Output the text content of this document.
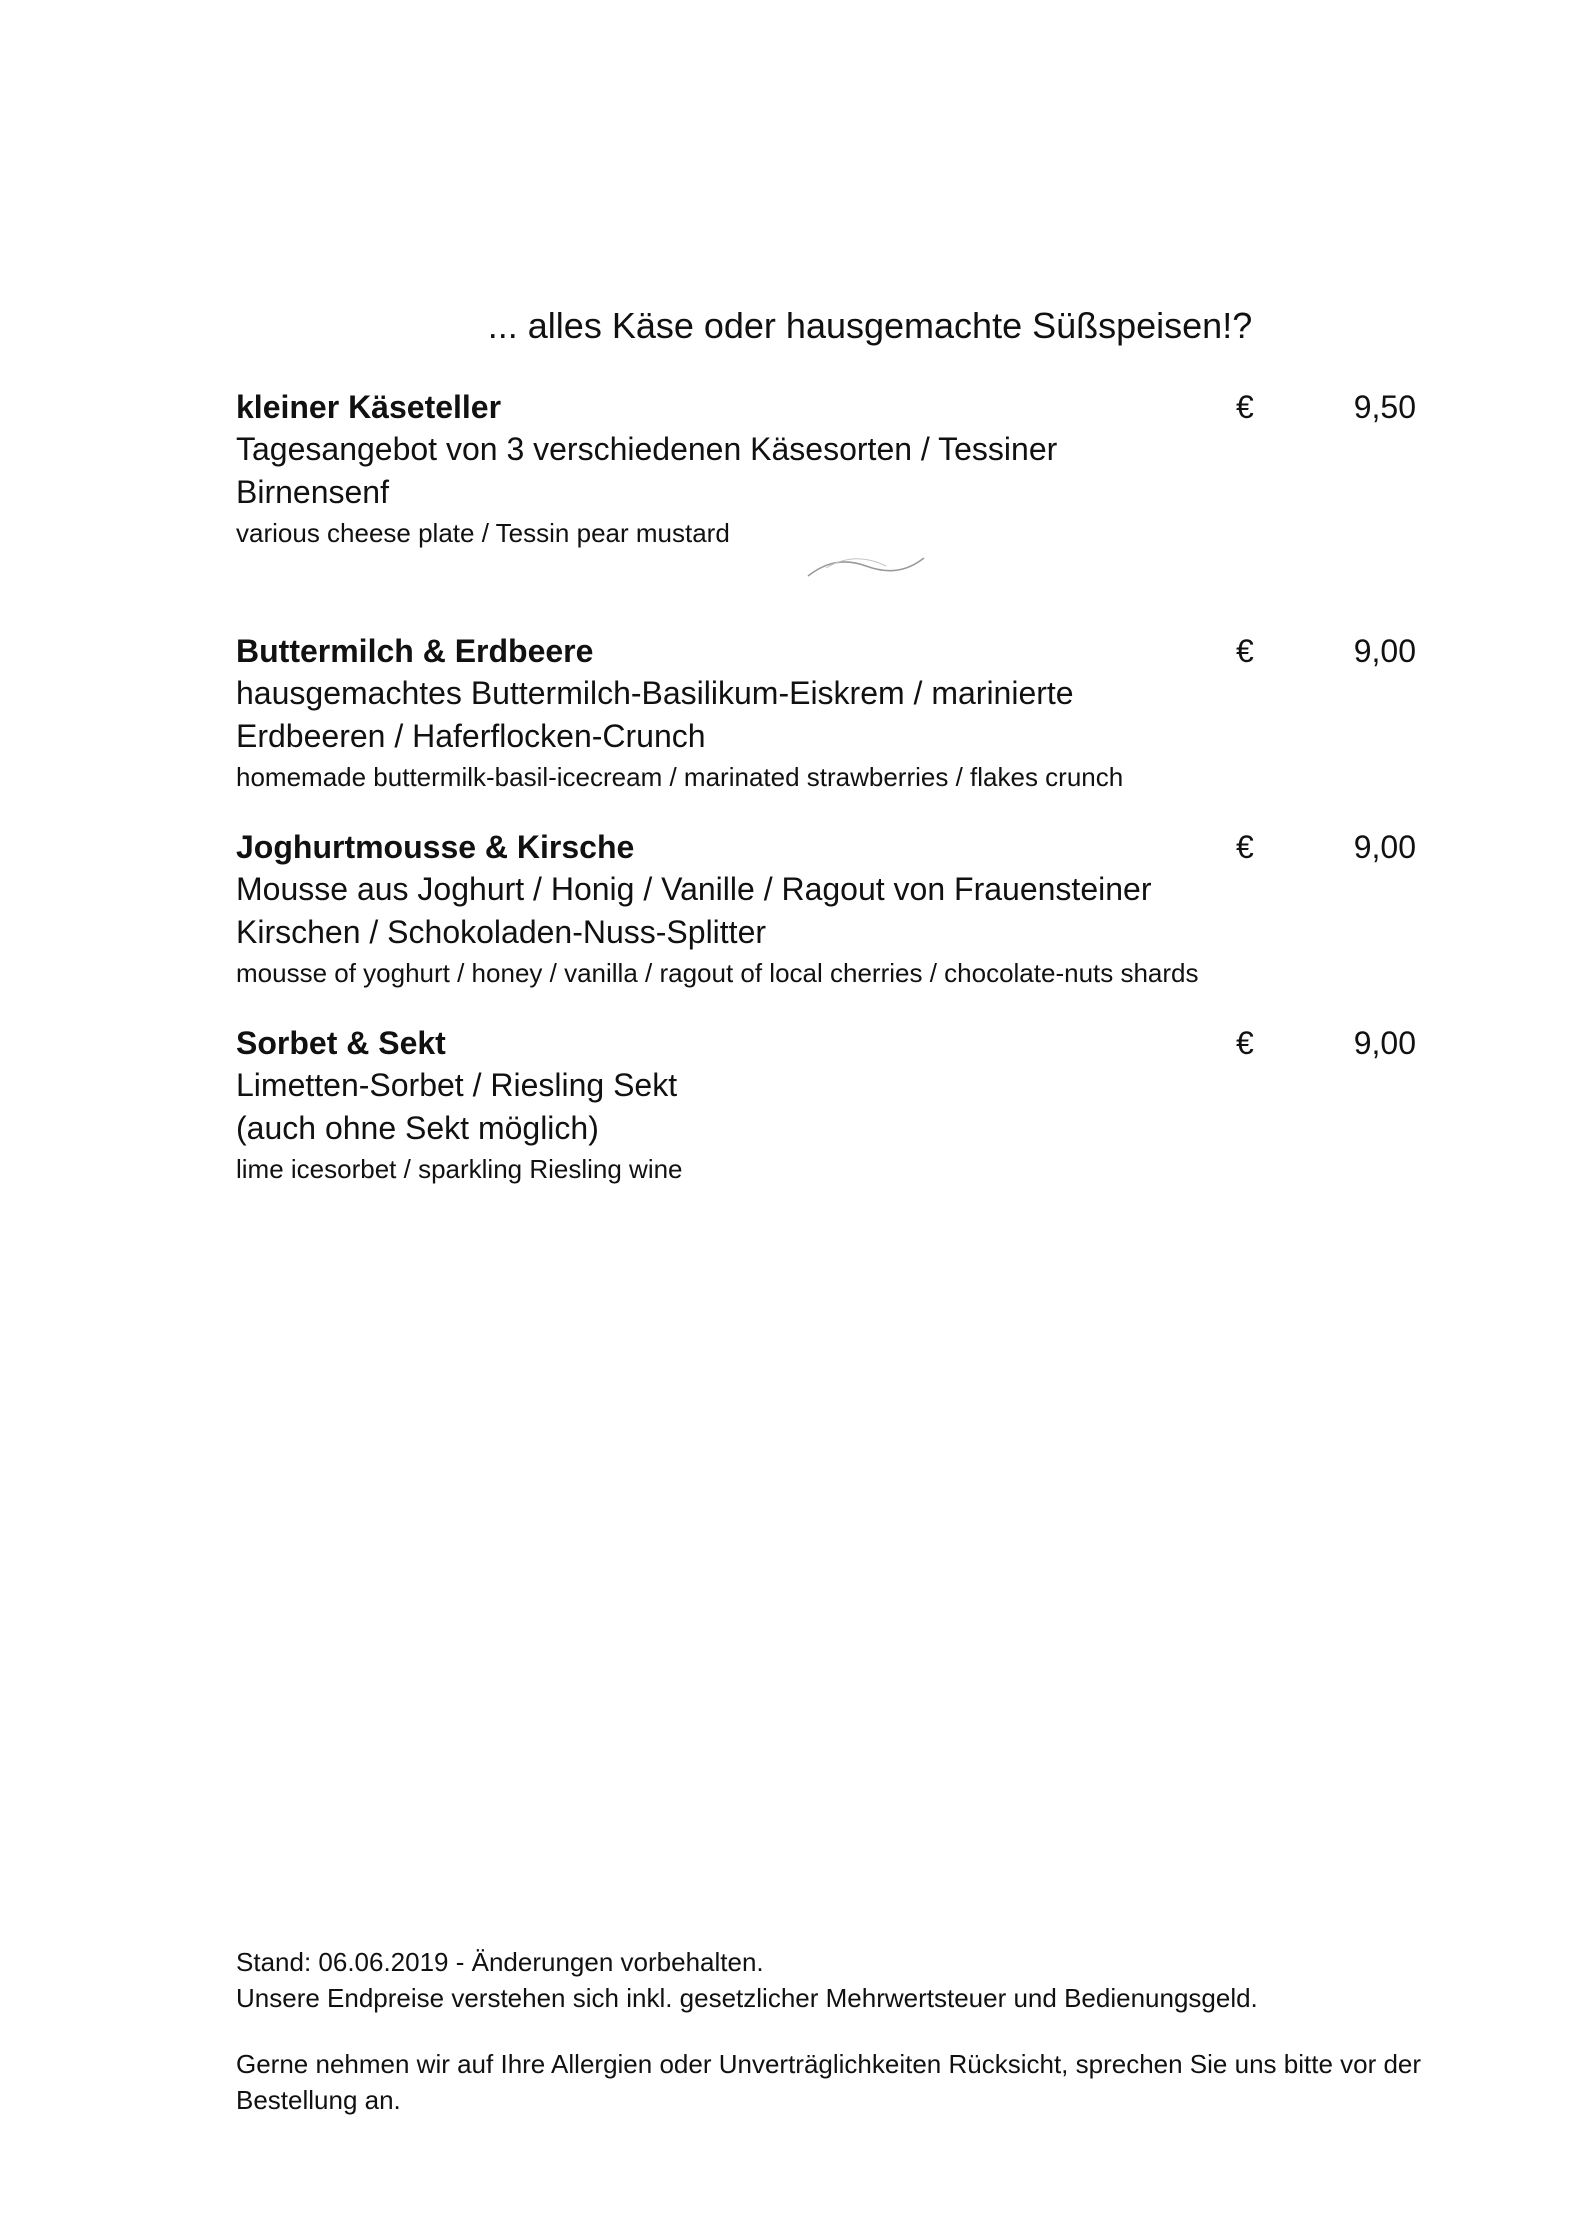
... alles Käse oder hausgemachte Süßspeisen!?
kleiner Käseteller
Tagesangebot von 3 verschiedenen Käsesorten / Tessiner Birnensenf
various cheese plate / Tessin pear mustard
€	9,50
Buttermilch & Erdbeere
hausgemachtes Buttermilch-Basilikum-Eiskrem / marinierte Erdbeeren / Haferflocken-Crunch
homemade buttermilk-basil-icecream / marinated strawberries / flakes crunch
€	9,00
Joghurtmousse & Kirsche
Mousse aus Joghurt / Honig / Vanille / Ragout von Frauensteiner Kirschen / Schokoladen-Nuss-Splitter
mousse of yoghurt / honey / vanilla / ragout of local cherries / chocolate-nuts shards
€	9,00
Sorbet & Sekt
Limetten-Sorbet / Riesling Sekt
(auch ohne Sekt möglich)
lime icesorbet / sparkling Riesling wine
€	9,00
Stand: 06.06.2019 - Änderungen vorbehalten.
Unsere Endpreise verstehen sich inkl. gesetzlicher Mehrwertsteuer und Bedienungsgeld.
Gerne nehmen wir auf Ihre Allergien oder Unverträglichkeiten Rücksicht, sprechen Sie uns bitte vor der Bestellung an.
